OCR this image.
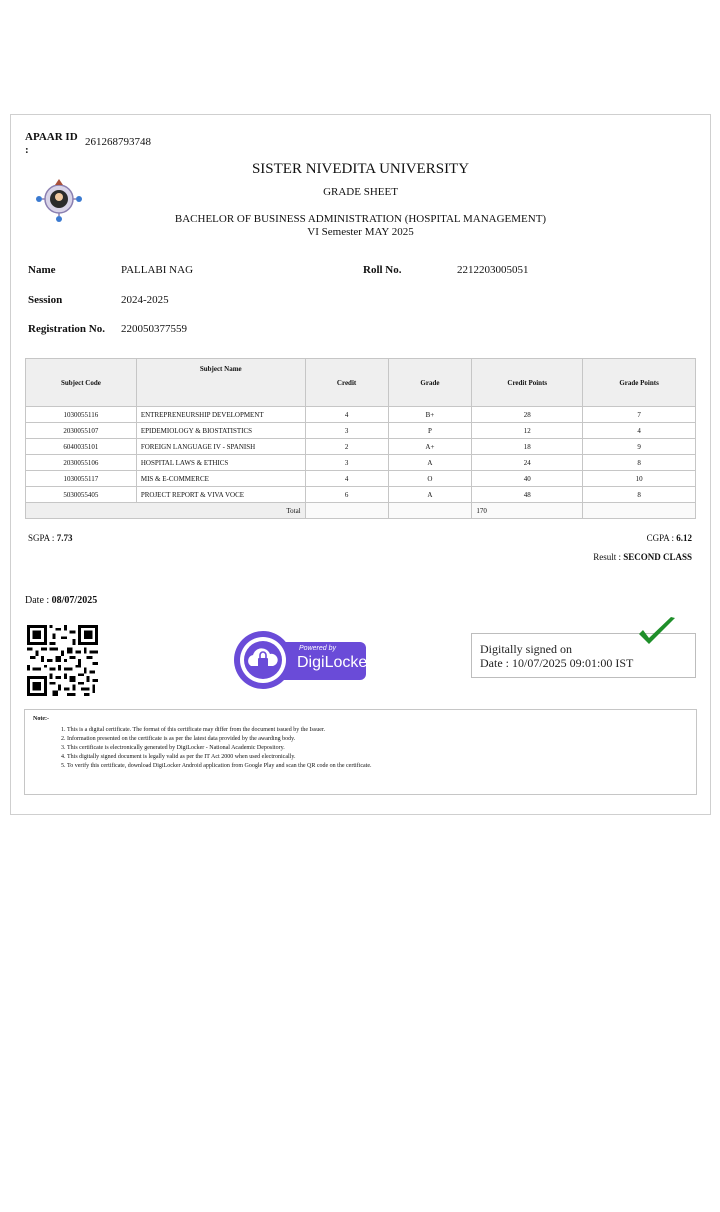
APAAR ID :
261268793748
SISTER NIVEDITA UNIVERSITY
GRADE SHEET
BACHELOR OF BUSINESS ADMINISTRATION (HOSPITAL MANAGEMENT)
VI Semester MAY 2025
Name	PALLABI NAG	Roll No.	2212203005051
Session	2024-2025
Registration No. 220050377559
Subject Code	Subject Name	Credit	Grade	Credit Points	Grade Points
1030055116	ENTREPRENEURSHIP DEVELOPMENT	4	B+	28	7
2030055107	EPIDEMIOLOGY & BIOSTATISTICS	3	P	12	4
6040035101	FOREIGN LANGUAGE IV - SPANISH	2	A+	18	9
2030055106	HOSPITAL LAWS & ETHICS	3	A	24	8
1030055117	MIS & E-COMMERCE	4	O	40	10
5030055405	PROJECT REPORT & VIVA VOCE	6	A	48	8
Total				170	
SGPA : 7.73	CGPA : 6.12
Result : SECOND CLASS
Date : 08/07/2025
Powered by
DigiLocker
Digitally signed on
Date : 10/07/2025 09:01:00 IST
Note:-
1. This is a digital certificate. The format of this certificate may differ from the document issued by the Issuer.
2. Information presented on the certificate is as per the latest data provided by the awarding body.
3. This certificate is electronically generated by DigiLocker - National Academic Depository.
4. This digitally signed document is legally valid as per the IT Act 2000 when used electronically.
5. To verify this certificate, download DigiLocker Android application from Google Play and scan the QR code on the certificate.
